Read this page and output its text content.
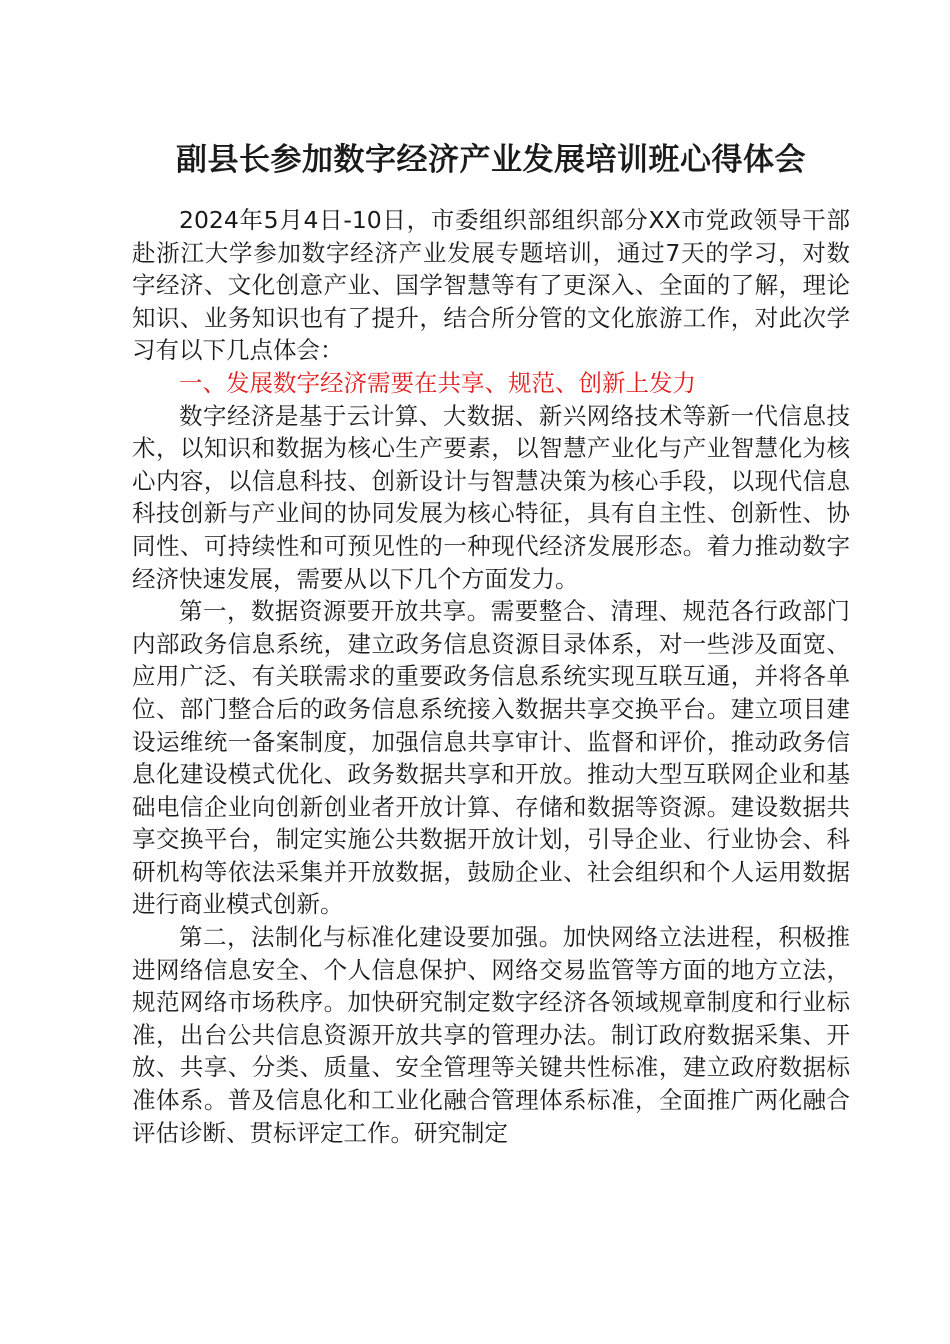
副县长参加数字经济产业发展培训班心得体会

2024年5月4日-10日，市委组织部组织部分XX市党政领导干部赴浙江大学参加数字经济产业发展专题培训，通过7天的学习，对数字经济、文化创意产业、国学智慧等有了更深入、全面的了解，理论知识、业务知识也有了提升，结合所分管的文化旅游工作，对此次学习有以下几点体会：

一、发展数字经济需要在共享、规范、创新上发力

数字经济是基于云计算、大数据、新兴网络技术等新一代信息技术，以知识和数据为核心生产要素，以智慧产业化与产业智慧化为核心内容，以信息科技、创新设计与智慧决策为核心手段，以现代信息科技创新与产业间的协同发展为核心特征，具有自主性、创新性、协同性、可持续性和可预见性的一种现代经济发展形态。着力推动数字经济快速发展，需要从以下几个方面发力。

第一，数据资源要开放共享。需要整合、清理、规范各行政部门内部政务信息系统，建立政务信息资源目录体系，对一些涉及面宽、应用广泛、有关联需求的重要政务信息系统实现互联互通，并将各单位、部门整合后的政务信息系统接入数据共享交换平台。建立项目建设运维统一备案制度，加强信息共享审计、监督和评价，推动政务信息化建设模式优化、政务数据共享和开放。推动大型互联网企业和基础电信企业向创新创业者开放计算、存储和数据等资源。建设数据共享交换平台，制定实施公共数据开放计划，引导企业、行业协会、科研机构等依法采集并开放数据，鼓励企业、社会组织和个人运用数据进行商业模式创新。

第二，法制化与标准化建设要加强。加快网络立法进程，积极推进网络信息安全、个人信息保护、网络交易监管等方面的地方立法，规范网络市场秩序。加快研究制定数字经济各领域规章制度和行业标准，出台公共信息资源开放共享的管理办法。制订政府数据采集、开放、共享、分类、质量、安全管理等关键共性标准，建立政府数据标准体系。普及信息化和工业化融合管理体系标准，全面推广两化融合评估诊断、贯标评定工作。研究制定
